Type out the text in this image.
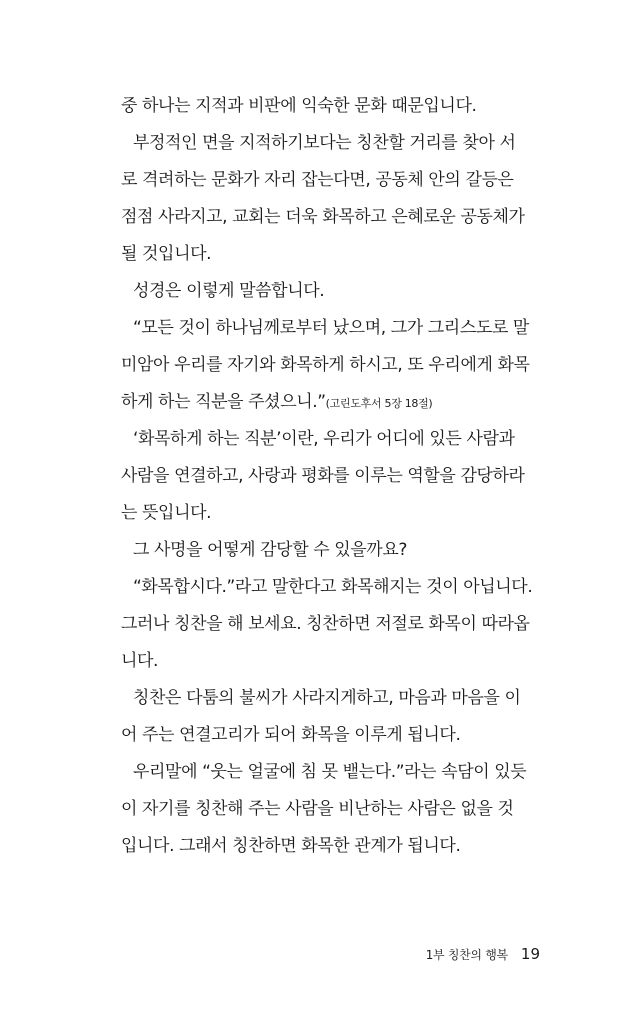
중 하나는 지적과 비판에 익숙한 문화 때문입니다.
부정적인 면을 지적하기보다는 칭찬할 거리를 찾아 서
로 격려하는 문화가 자리 잡는다면, 공동체 안의 갈등은
점점 사라지고, 교회는 더욱 화목하고 은혜로운 공동체가
될 것입니다.
성경은 이렇게 말씀합니다.
“모든 것이 하나님께로부터 났으며, 그가 그리스도로 말
미암아 우리를 자기와 화목하게 하시고, 또 우리에게 화목
하게 하는 직분을 주셨으니.”(고린도후서 5장 18절)
‘화목하게 하는 직분’이란, 우리가 어디에 있든 사람과
사람을 연결하고, 사랑과 평화를 이루는 역할을 감당하라
는 뜻입니다.
그 사명을 어떻게 감당할 수 있을까요?
“화목합시다.”라고 말한다고 화목해지는 것이 아닙니다.
그러나 칭찬을 해 보세요. 칭찬하면 저절로 화목이 따라옵
니다.
칭찬은 다툼의 불씨가 사라지게하고, 마음과 마음을 이
어 주는 연결고리가 되어 화목을 이루게 됩니다.
우리말에 “웃는 얼굴에 침 못 뱉는다.”라는 속담이 있듯
이 자기를 칭찬해 주는 사람을 비난하는 사람은 없을 것
입니다. 그래서 칭찬하면 화목한 관계가 됩니다.
1부 칭찬의 행복 19
